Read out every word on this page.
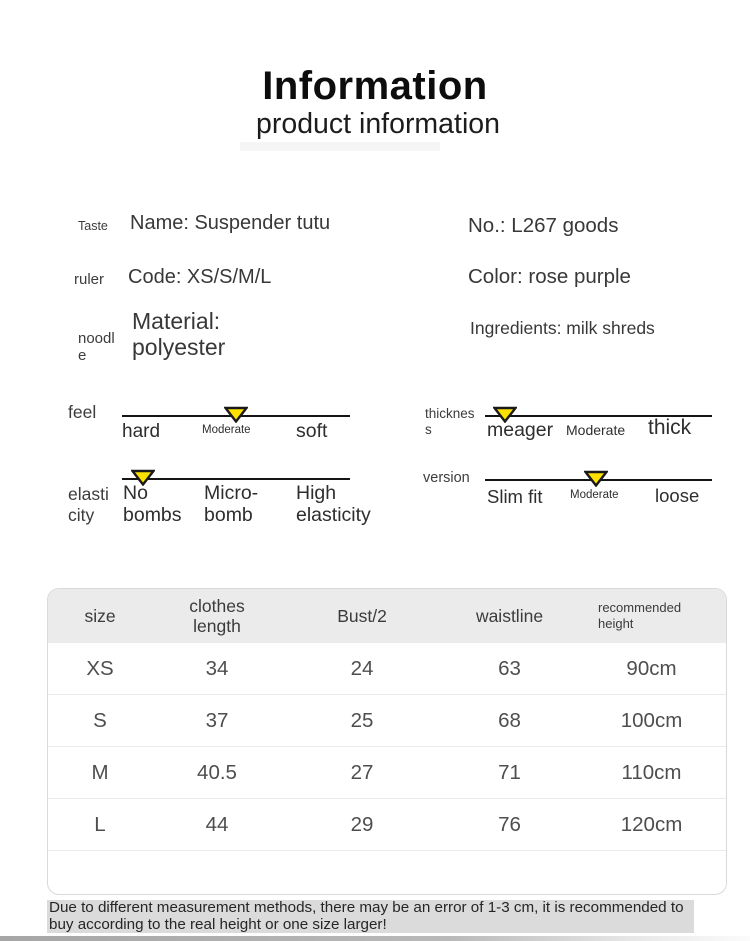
Information
product information
Taste Name: Suspender tutu
ruler Code: XS/S/M/L
noodle
Material: polyester
No.: L267 goods
Color: rose purple
Ingredients: milk shreds
feel
hard	Moderate soft
elasticity
No bombs
Micro-bomb
High elasticity
thickness	meager Moderate thick
version
Slim fit Moderate loose
size	clothes length	Bust/2	waistline	recommended height
XS	34	24	63	90cm
S	37	25	68	100cm
M	40.5	27	71	110cm
L	44	29	76	120cm
Due to different measurement methods, there may be an error of 1-3 cm, it is recommended to buy according to the real height or one size larger!
